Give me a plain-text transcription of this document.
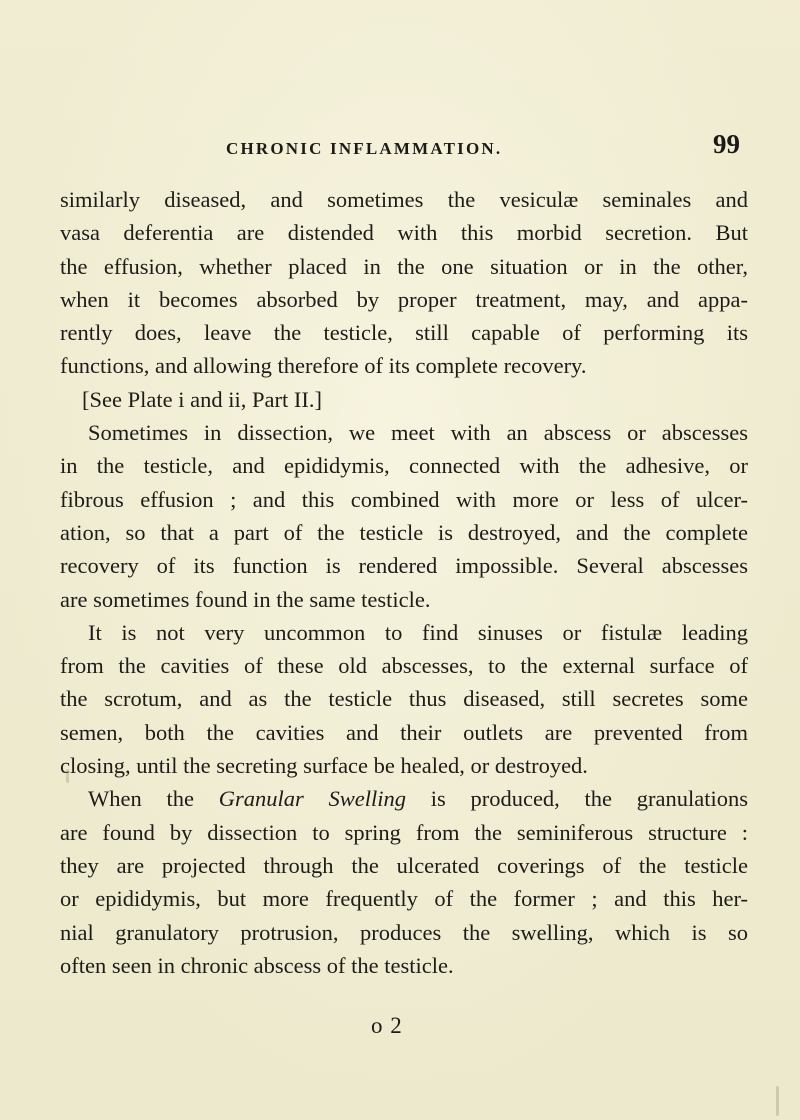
CHRONIC INFLAMMATION.	99
similarly diseased, and sometimes the vesiculæ seminales and
vasa deferentia are distended with this morbid secretion. But
the effusion, whether placed in the one situation or in the other,
when it becomes absorbed by proper treatment, may, and appa-
rently does, leave the testicle, still capable of performing its
functions, and allowing therefore of its complete recovery.
[See Plate i and ii, Part II.]
Sometimes in dissection, we meet with an abscess or abscesses
in the testicle, and epididymis, connected with the adhesive, or
fibrous effusion ; and this combined with more or less of ulcer-
ation, so that a part of the testicle is destroyed, and the complete
recovery of its function is rendered impossible. Several abscesses
are sometimes found in the same testicle.
It is not very uncommon to find sinuses or fistulæ leading
from the cavities of these old abscesses, to the external surface of
the scrotum, and as the testicle thus diseased, still secretes some
semen, both the cavities and their outlets are prevented from
closing, until the secreting surface be healed, or destroyed.
When the Granular Swelling is produced, the granulations
are found by dissection to spring from the seminiferous structure :
they are projected through the ulcerated coverings of the testicle
or epididymis, but more frequently of the former ; and this her-
nial granulatory protrusion, produces the swelling, which is so
often seen in chronic abscess of the testicle.
o 2
